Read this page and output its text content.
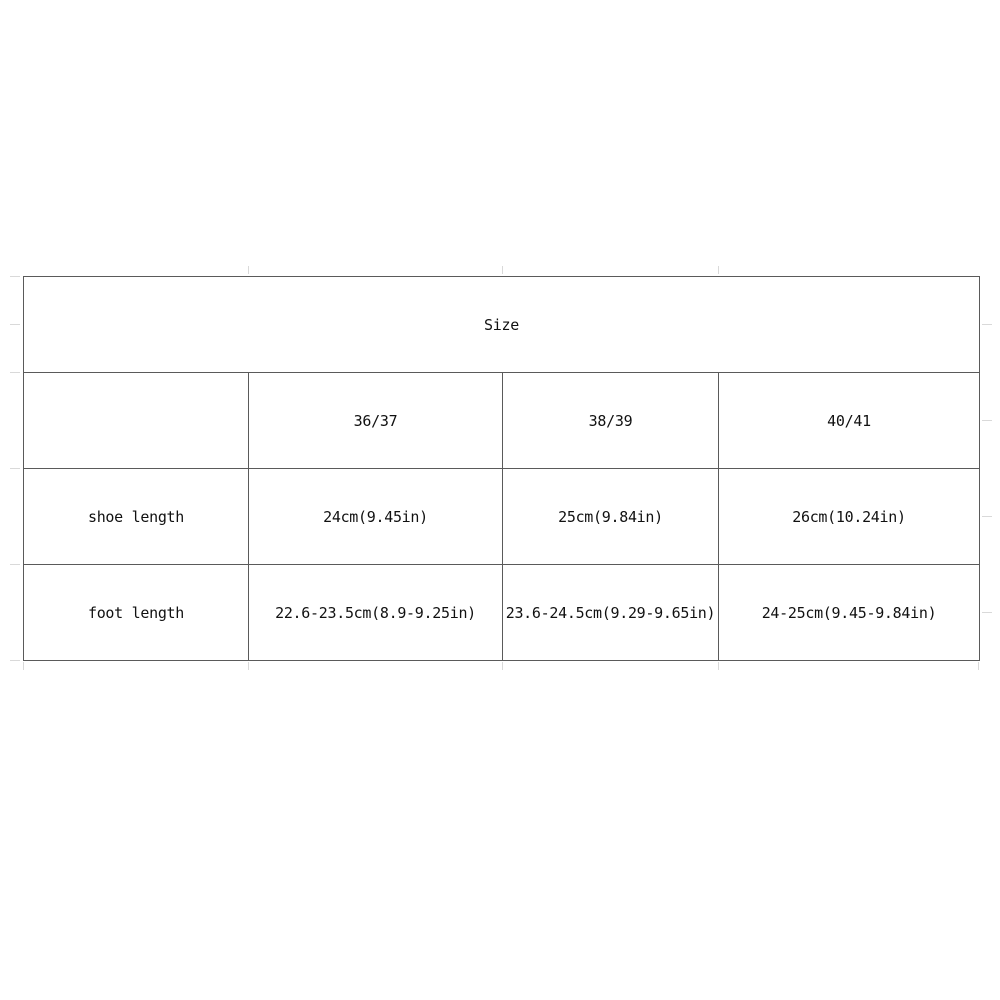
Size			
	36/37	38/39	40/41
shoe length	24cm(9.45in)	25cm(9.84in)	26cm(10.24in)
foot length	22.6-23.5cm(8.9-9.25in)	23.6-24.5cm(9.29-9.65in)	24-25cm(9.45-9.84in)
